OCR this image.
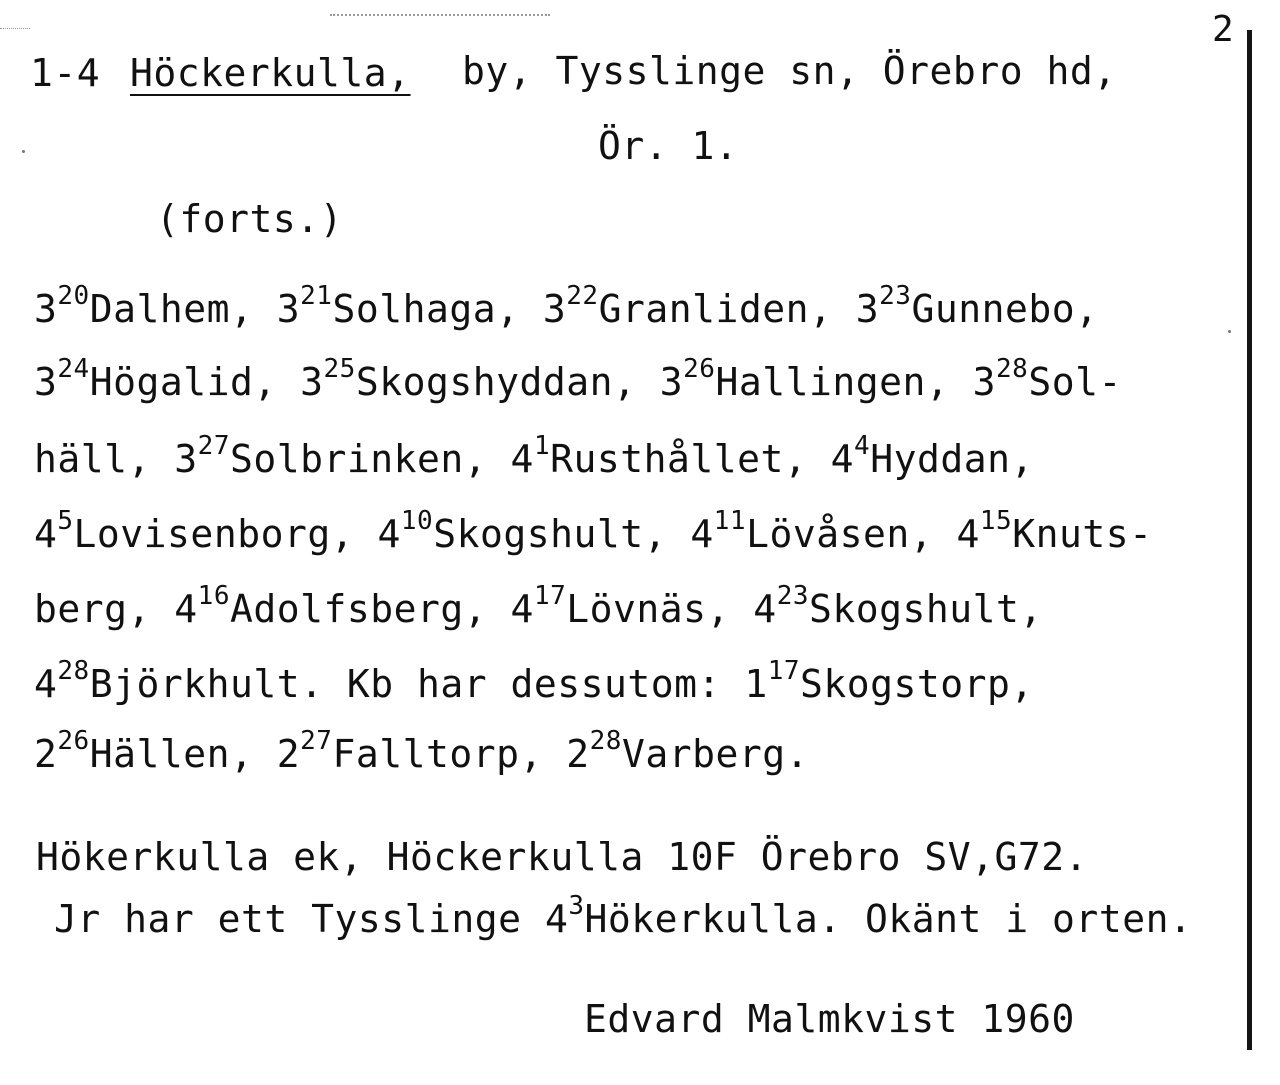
2
1-4 Höckerkulla, by, Tysslinge sn, Örebro hd,
Ör. 1.
(forts.)
$3^{20}Dalhem$, $3^{21}Solhaga$, $3^{22}Granliden$, $3^{23}Gunnebo$,
$3^{24}Högalid$, $3^{25}Skogshyddan$, $3^{26}Hallingen$, $3^{28}Sol-$
häll, $3^{27}Solbrinken$, $4^1Rusthållet$, $4^4Hyddan$,
$4^5Lovisenborg$, $4^{10}Skogshult$, $4^{11}Lövåsen$, $4^{15}Knuts-$
berg, $4^{16}Adolfsberg$, $4^{17}Lövnäs$, $4^{23}Skogshult$,
$4^{28}Björkhult$. Kb har dessutom: $1^{17}Skogstorp$,
$2^{26}Hällen$, $2^{27}Falltorp$, $2^{28}Varberg$.
Hökerkulla ek, Höckerkulla 10F Örebro SV,G72.
Jr har ett Tysslinge $4^3Hökerkulla$. Okänt i orten.
Edvard Malmkvist 1960
